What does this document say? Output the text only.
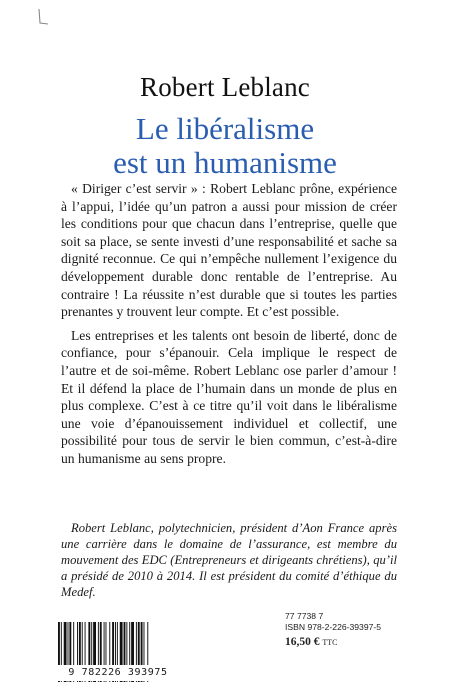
Robert Leblanc
Le libéralisme
est un humanisme

« Diriger c’est servir » : Robert Leblanc prône, expérience à l’appui, l’idée qu’un patron a aussi pour mission de créer les conditions pour que chacun dans l’entreprise, quelle que soit sa place, se sente investi d’une responsabilité et sache sa dignité reconnue. Ce qui n’empêche nullement l’exigence du développement durable donc rentable de l’entreprise. Au contraire ! La réussite n’est durable que si toutes les parties prenantes y trouvent leur compte. Et c’est possible.

Les entreprises et les talents ont besoin de liberté, donc de confiance, pour s’épanouir. Cela implique le respect de l’autre et de soi-même. Robert Leblanc ose parler d’amour ! Et il défend la place de l’humain dans un monde de plus en plus complexe. C’est à ce titre qu’il voit dans le libéralisme une voie d’épanouissement individuel et collectif, une possibilité pour tous de servir le bien commun, c’est-à-dire un humanisme au sens propre.

Robert Leblanc, polytechnicien, président d’Aon France après une carrière dans le domaine de l’assurance, est membre du mouvement des EDC (Entrepreneurs et dirigeants chrétiens), qu’il a présidé de 2010 à 2014. Il est président du comité d’éthique du Medef.
9 782226 393975
77 7738 7
ISBN 978-2-226-39397-5
16,50 € TTC
